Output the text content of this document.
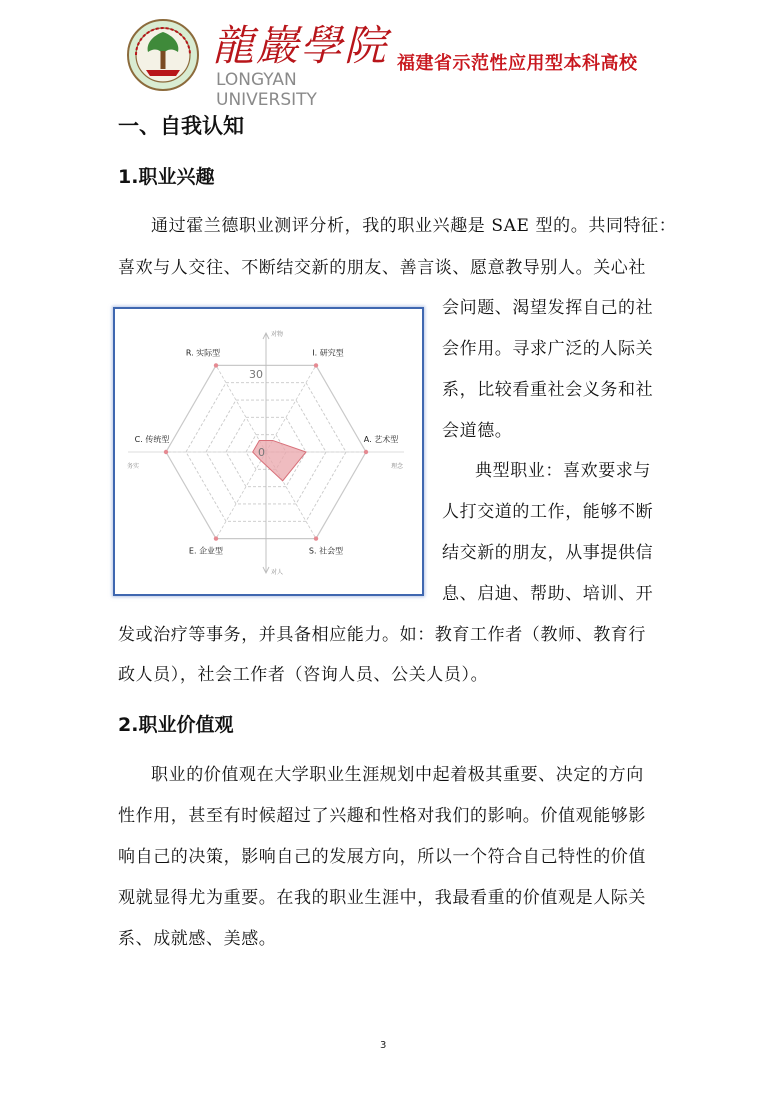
龍巖學院
LONGYAN UNIVERSITY
福建省示范性应用型本科高校
一、自我认知
1.职业兴趣
通过霍兰德职业测评分析，我的职业兴趣是 SAE 型的。共同特征：
喜欢与人交往、不断结交新的朋友、善言谈、愿意教导别人。关心社
会问题、渴望发挥自己的社
会作用。寻求广泛的人际关
系，比较看重社会义务和社
会道德。
典型职业：喜欢要求与
人打交道的工作，能够不断
结交新的朋友，从事提供信
息、启迪、帮助、培训、开
发或治疗等事务，并具备相应能力。如：教育工作者（教师、教育行
政人员），社会工作者（咨询人员、公关人员）。
0
30
I. 研究型
A. 艺术型
S. 社会型
E. 企业型
C. 传统型
R. 实际型
对物
对人
务实	理念
2.职业价值观
职业的价值观在大学职业生涯规划中起着极其重要、决定的方向
性作用，甚至有时候超过了兴趣和性格对我们的影响。价值观能够影
响自己的决策，影响自己的发展方向，所以一个符合自己特性的价值
观就显得尤为重要。在我的职业生涯中，我最看重的价值观是人际关
系、成就感、美感。
3
